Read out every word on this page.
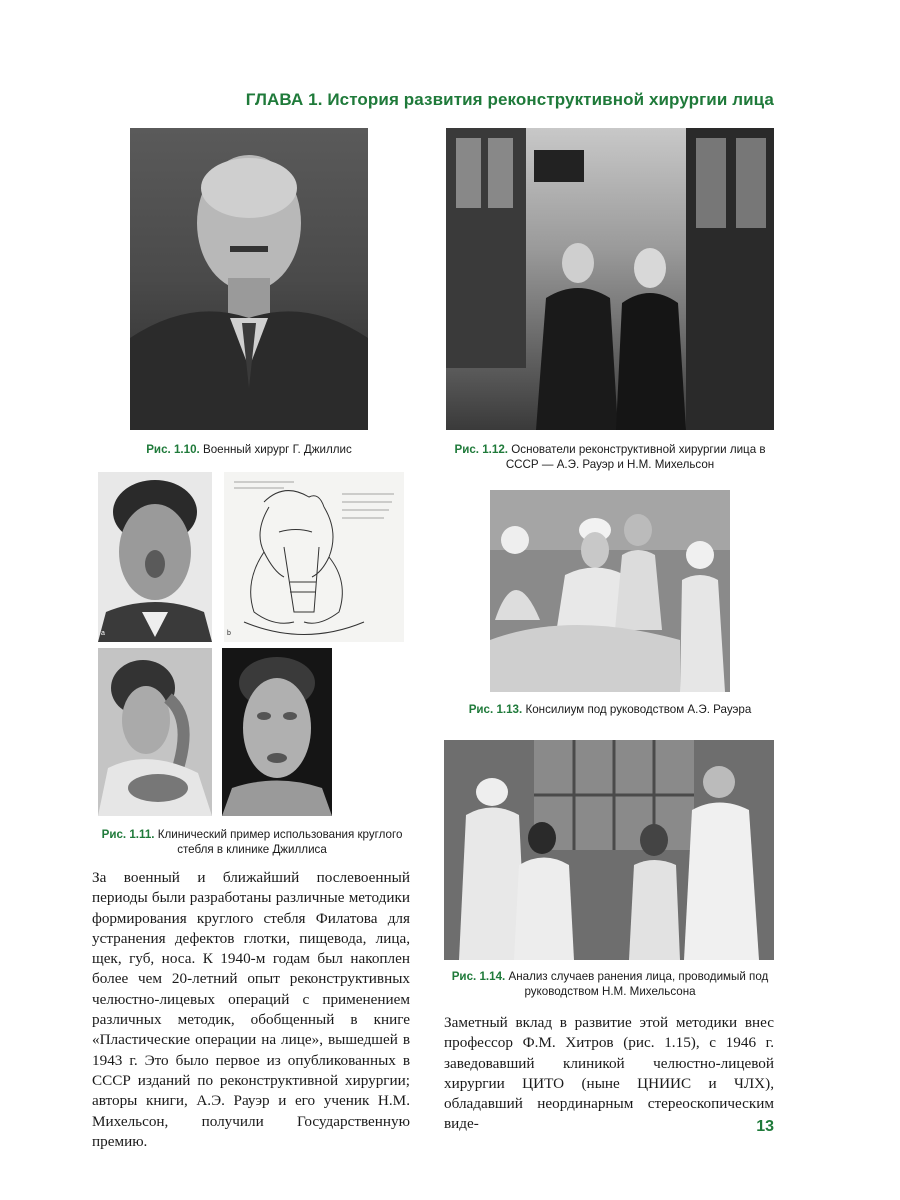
ГЛАВА 1. История развития реконструктивной хирургии лица
Рис. 1.10. Военный хирург Г. Джиллис	Рис. 1.12. Основатели реконструктивной хирургии лица в
СССР — А.Э. Рауэр и Н.М. Михельсон
a	b
Рис. 1.11. Клинический пример использования круглого
стебля в клинике Джиллиса
Рис. 1.13. Консилиум под руководством А.Э. Рауэра
Рис. 1.14. Анализ случаев ранения лица, проводимый под
руководством Н.М. Михельсона

За военный и ближайший послевоенный периоды были разработаны различные методики формирования круглого стебля Филатова для устранения дефектов глотки, пищевода, лица, щек, губ, носа. К 1940-м годам был накоплен более чем 20-летний опыт реконструктивных челюстно-лицевых операций с применением различных методик, обобщенный в книге «Пластические операции на лице», вышедшей в 1943 г. Это было первое из опубликованных в СССР изданий по реконструктивной хирургии; авторы книги, А.Э. Рауэр и его ученик Н.М. Михельсон, получили Государственную премию.

Заметный вклад в развитие этой методики внес профессор Ф.М. Хитров (рис. 1.15), с 1946 г. заведовавший клиникой челюстно-лицевой хирургии ЦИТО (ныне ЦНИИС и ЧЛХ), обладавший неординарным стереоскопическим виде-	13
